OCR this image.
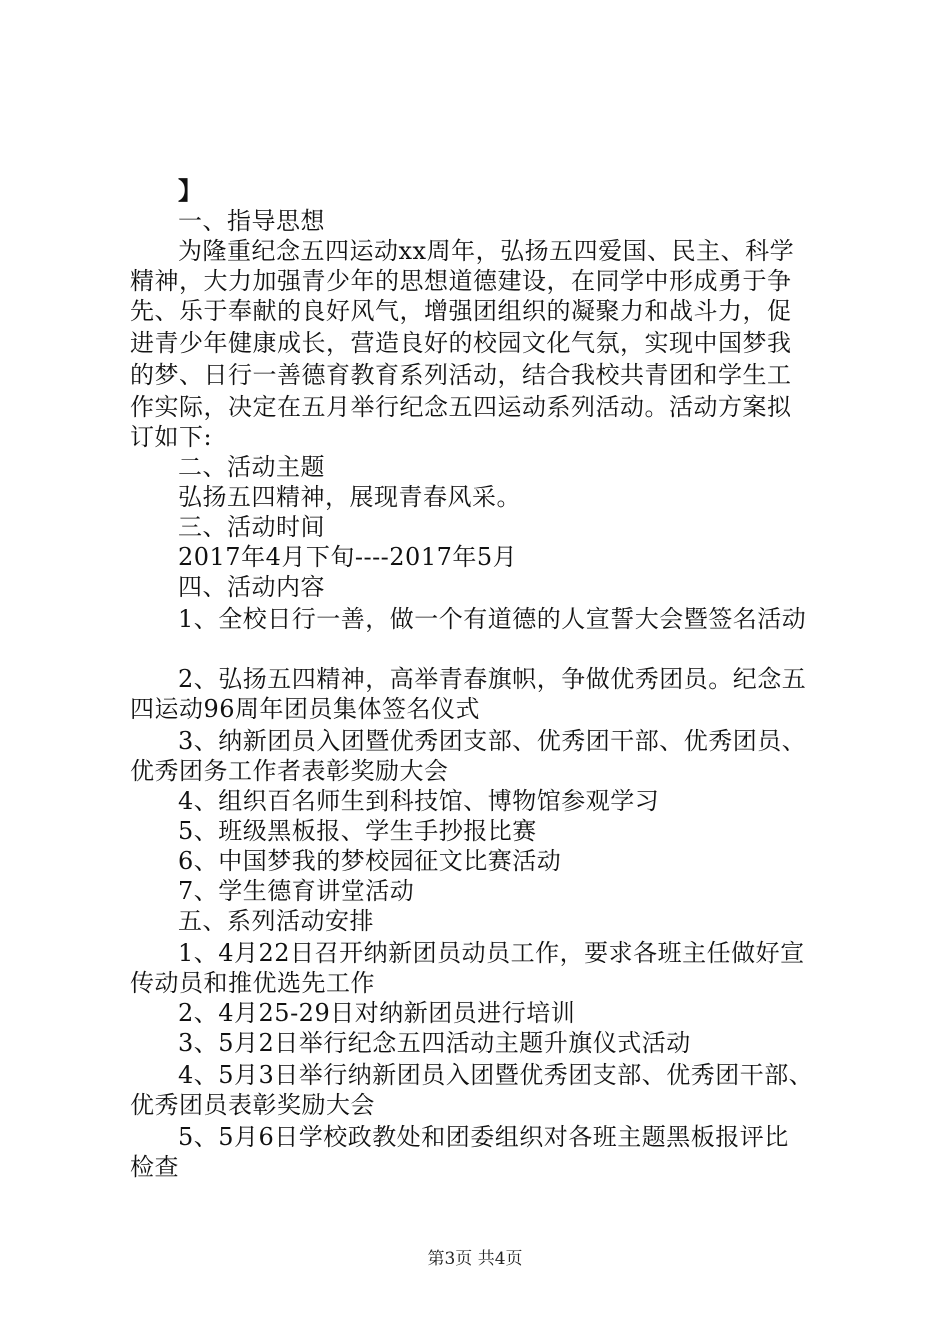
】
一、指导思想
为隆重纪念五四运动xx周年，弘扬五四爱国、民主、科学
精神，大力加强青少年的思想道德建设，在同学中形成勇于争
先、乐于奉献的良好风气，增强团组织的凝聚力和战斗力，促
进青少年健康成长，营造良好的校园文化气氛，实现中国梦我
的梦、日行一善德育教育系列活动，结合我校共青团和学生工
作实际，决定在五月举行纪念五四运动系列活动。活动方案拟
订如下:
二、活动主题
弘扬五四精神，展现青春风采。
三、活动时间
2017年4月下旬----2017年5月
四、活动内容
1、全校日行一善，做一个有道德的人宣誓大会暨签名活动
2、弘扬五四精神，高举青春旗帜，争做优秀团员。纪念五
四运动96周年团员集体签名仪式
3、纳新团员入团暨优秀团支部、优秀团干部、优秀团员、
优秀团务工作者表彰奖励大会
4、组织百名师生到科技馆、博物馆参观学习
5、班级黑板报、学生手抄报比赛
6、中国梦我的梦校园征文比赛活动
7、学生德育讲堂活动
五、系列活动安排
1、4月22日召开纳新团员动员工作，要求各班主任做好宣
传动员和推优选先工作
2、4月25-29日对纳新团员进行培训
3、5月2日举行纪念五四活动主题升旗仪式活动
4、5月3日举行纳新团员入团暨优秀团支部、优秀团干部、
优秀团员表彰奖励大会
5、5月6日学校政教处和团委组织对各班主题黑板报评比
检查
第3页 共4页
